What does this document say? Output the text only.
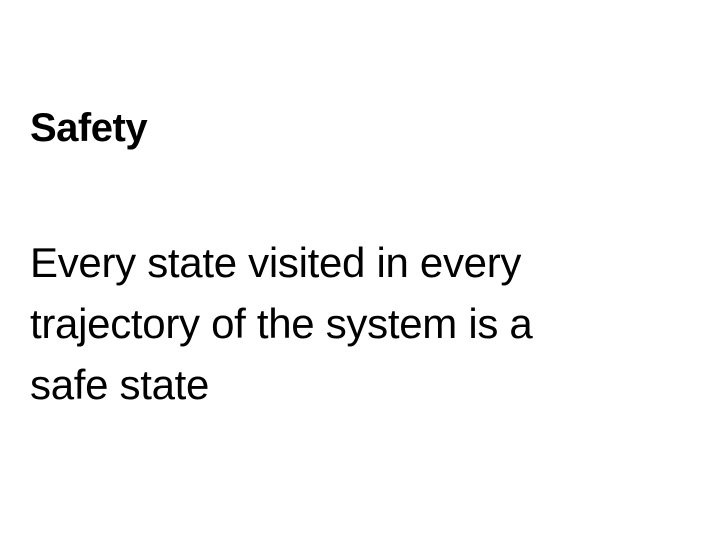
Safety

Every state visited in every
trajectory of the system is a
safe state
